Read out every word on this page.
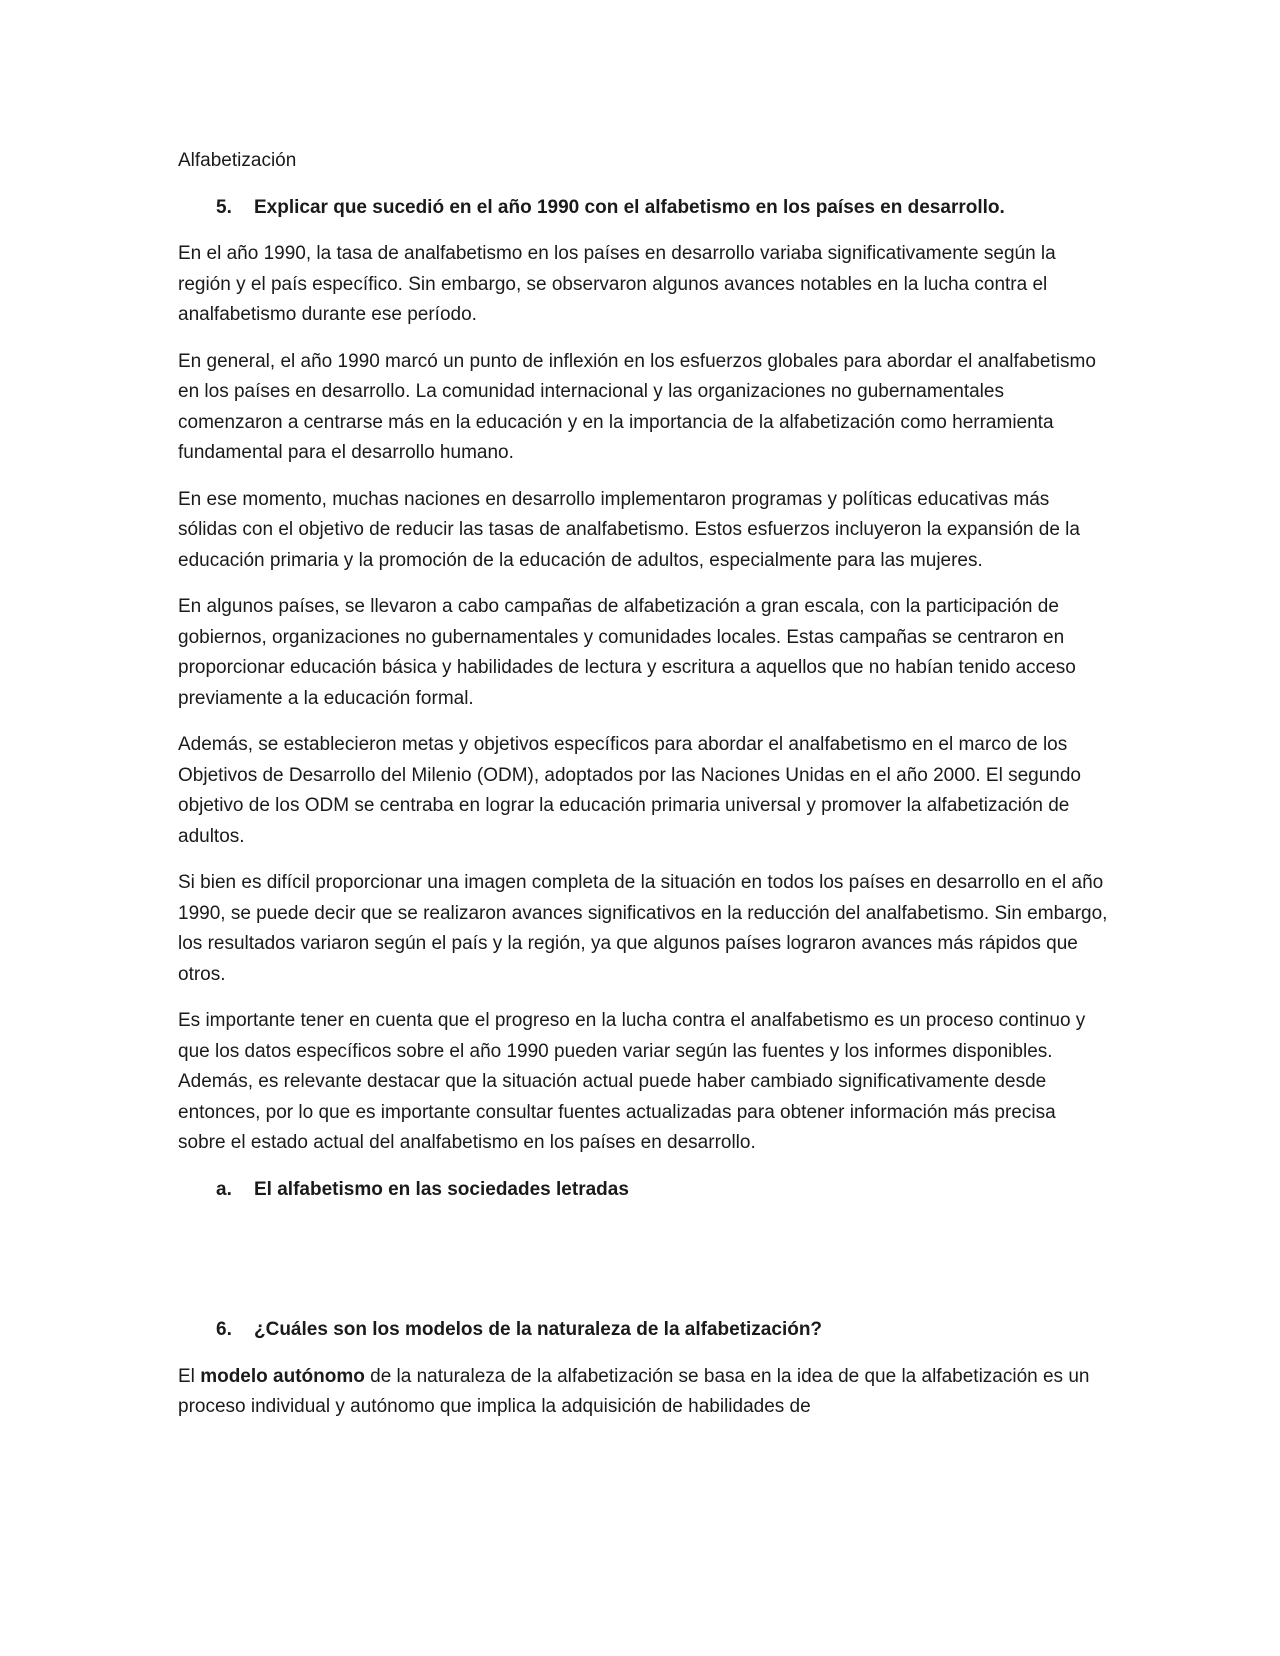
Alfabetización
5.	Explicar que sucedió en el año 1990 con el alfabetismo en los países en desarrollo.

En el año 1990, la tasa de analfabetismo en los países en desarrollo variaba significativamente según la región y el país específico. Sin embargo, se observaron algunos avances notables en la lucha contra el analfabetismo durante ese período.

En general, el año 1990 marcó un punto de inflexión en los esfuerzos globales para abordar el analfabetismo en los países en desarrollo. La comunidad internacional y las organizaciones no gubernamentales comenzaron a centrarse más en la educación y en la importancia de la alfabetización como herramienta fundamental para el desarrollo humano.

En ese momento, muchas naciones en desarrollo implementaron programas y políticas educativas más sólidas con el objetivo de reducir las tasas de analfabetismo. Estos esfuerzos incluyeron la expansión de la educación primaria y la promoción de la educación de adultos, especialmente para las mujeres.

En algunos países, se llevaron a cabo campañas de alfabetización a gran escala, con la participación de gobiernos, organizaciones no gubernamentales y comunidades locales. Estas campañas se centraron en proporcionar educación básica y habilidades de lectura y escritura a aquellos que no habían tenido acceso previamente a la educación formal.

Además, se establecieron metas y objetivos específicos para abordar el analfabetismo en el marco de los Objetivos de Desarrollo del Milenio (ODM), adoptados por las Naciones Unidas en el año 2000. El segundo objetivo de los ODM se centraba en lograr la educación primaria universal y promover la alfabetización de adultos.

Si bien es difícil proporcionar una imagen completa de la situación en todos los países en desarrollo en el año 1990, se puede decir que se realizaron avances significativos en la reducción del analfabetismo. Sin embargo, los resultados variaron según el país y la región, ya que algunos países lograron avances más rápidos que otros.

Es importante tener en cuenta que el progreso en la lucha contra el analfabetismo es un proceso continuo y que los datos específicos sobre el año 1990 pueden variar según las fuentes y los informes disponibles. Además, es relevante destacar que la situación actual puede haber cambiado significativamente desde entonces, por lo que es importante consultar fuentes actualizadas para obtener información más precisa sobre el estado actual del analfabetismo en los países en desarrollo.

a.	El alfabetismo en las sociedades letradas
6.	¿Cuáles son los modelos de la naturaleza de la alfabetización?

El modelo autónomo de la naturaleza de la alfabetización se basa en la idea de que la alfabetización es un proceso individual y autónomo que implica la adquisición de habilidades de
